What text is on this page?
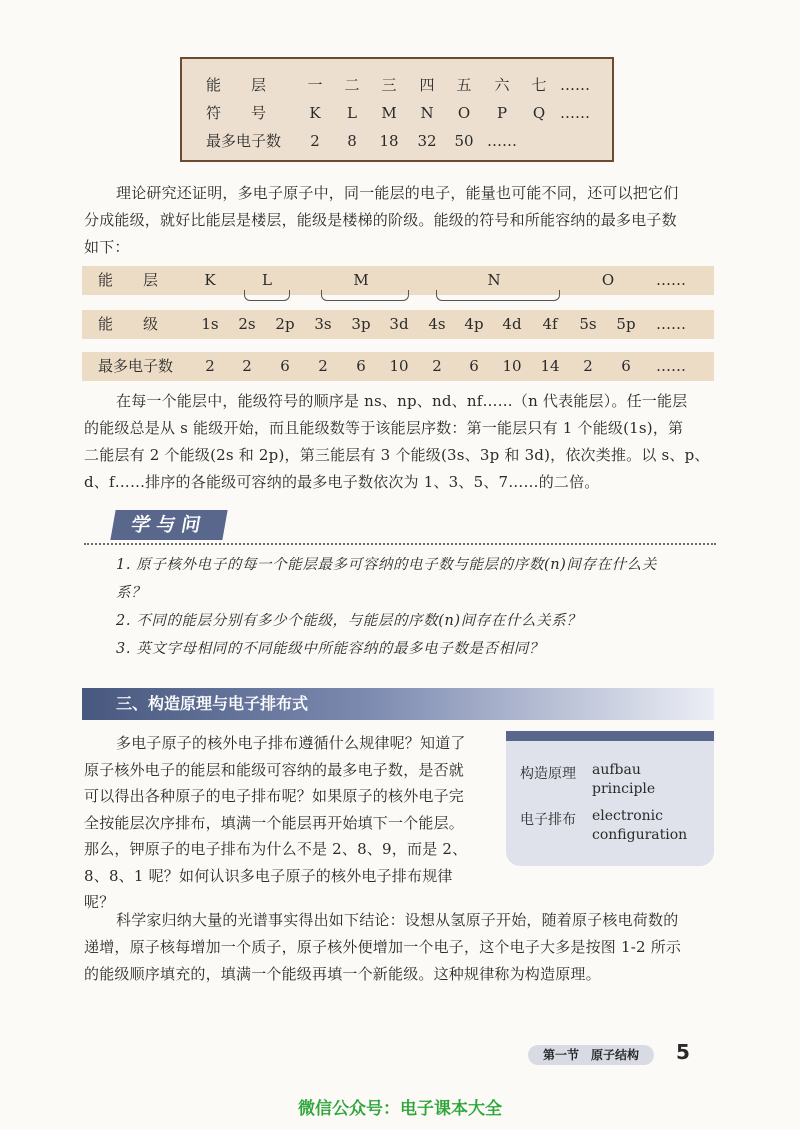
能　　层	一	二	三	四	五	六	七 ……
符　　号	K	L	M	N	O	P	Q ……
最多电子数	2	8	18	32	50 ……
理论研究还证明，多电子原子中，同一能层的电子，能量也可能不同，还可以把它们
分成能级，就好比能层是楼层，能级是楼梯的阶级。能级的符号和所能容纳的最多电子数
如下：
能　　层	K	L	M	N	O	……
能　　级	1s	2s	2p	3s	3p	3d	4s	4p	4d	4f	5s	5p	……
最多电子数	2	2	6	2	6	10	2	6	10	14	2	6	……
在每一个能层中，能级符号的顺序是 ns、np、nd、nf……（n 代表能层）。任一能层
的能级总是从 s 能级开始，而且能级数等于该能层序数：第一能层只有 1 个能级(1s)，第
二能层有 2 个能级(2s 和 2p)，第三能层有 3 个能级(3s、3p 和 3d)，依次类推。以 s、p、
d、f……排序的各能级可容纳的最多电子数依次为 1、3、5、7……的二倍。
学与问
1. 原子核外电子的每一个能层最多可容纳的电子数与能层的序数(n)间存在什么关
系？
2. 不同的能层分别有多少个能级，与能层的序数(n)间存在什么关系？
3. 英文字母相同的不同能级中所能容纳的最多电子数是否相同？
三、构造原理与电子排布式
多电子原子的核外电子排布遵循什么规律呢？知道了
原子核外电子的能层和能级可容纳的最多电子数，是否就
可以得出各种原子的电子排布呢？如果原子的核外电子完
全按能层次序排布，填满一个能层再开始填下一个能层。
那么，钾原子的电子排布为什么不是 2、8、9，而是 2、
8、8、1 呢？如何认识多电子原子的核外电子排布规律
呢？
构造原理 aufbau
principle
电子排布 electronic
configuration
科学家归纳大量的光谱事实得出如下结论：设想从氢原子开始，随着原子核电荷数的
递增，原子核每增加一个质子，原子核外便增加一个电子，这个电子大多是按图 1-2 所示
的能级顺序填充的，填满一个能级再填一个新能级。这种规律称为构造原理。
第一节　原子结构	5
微信公众号：电子课本大全
